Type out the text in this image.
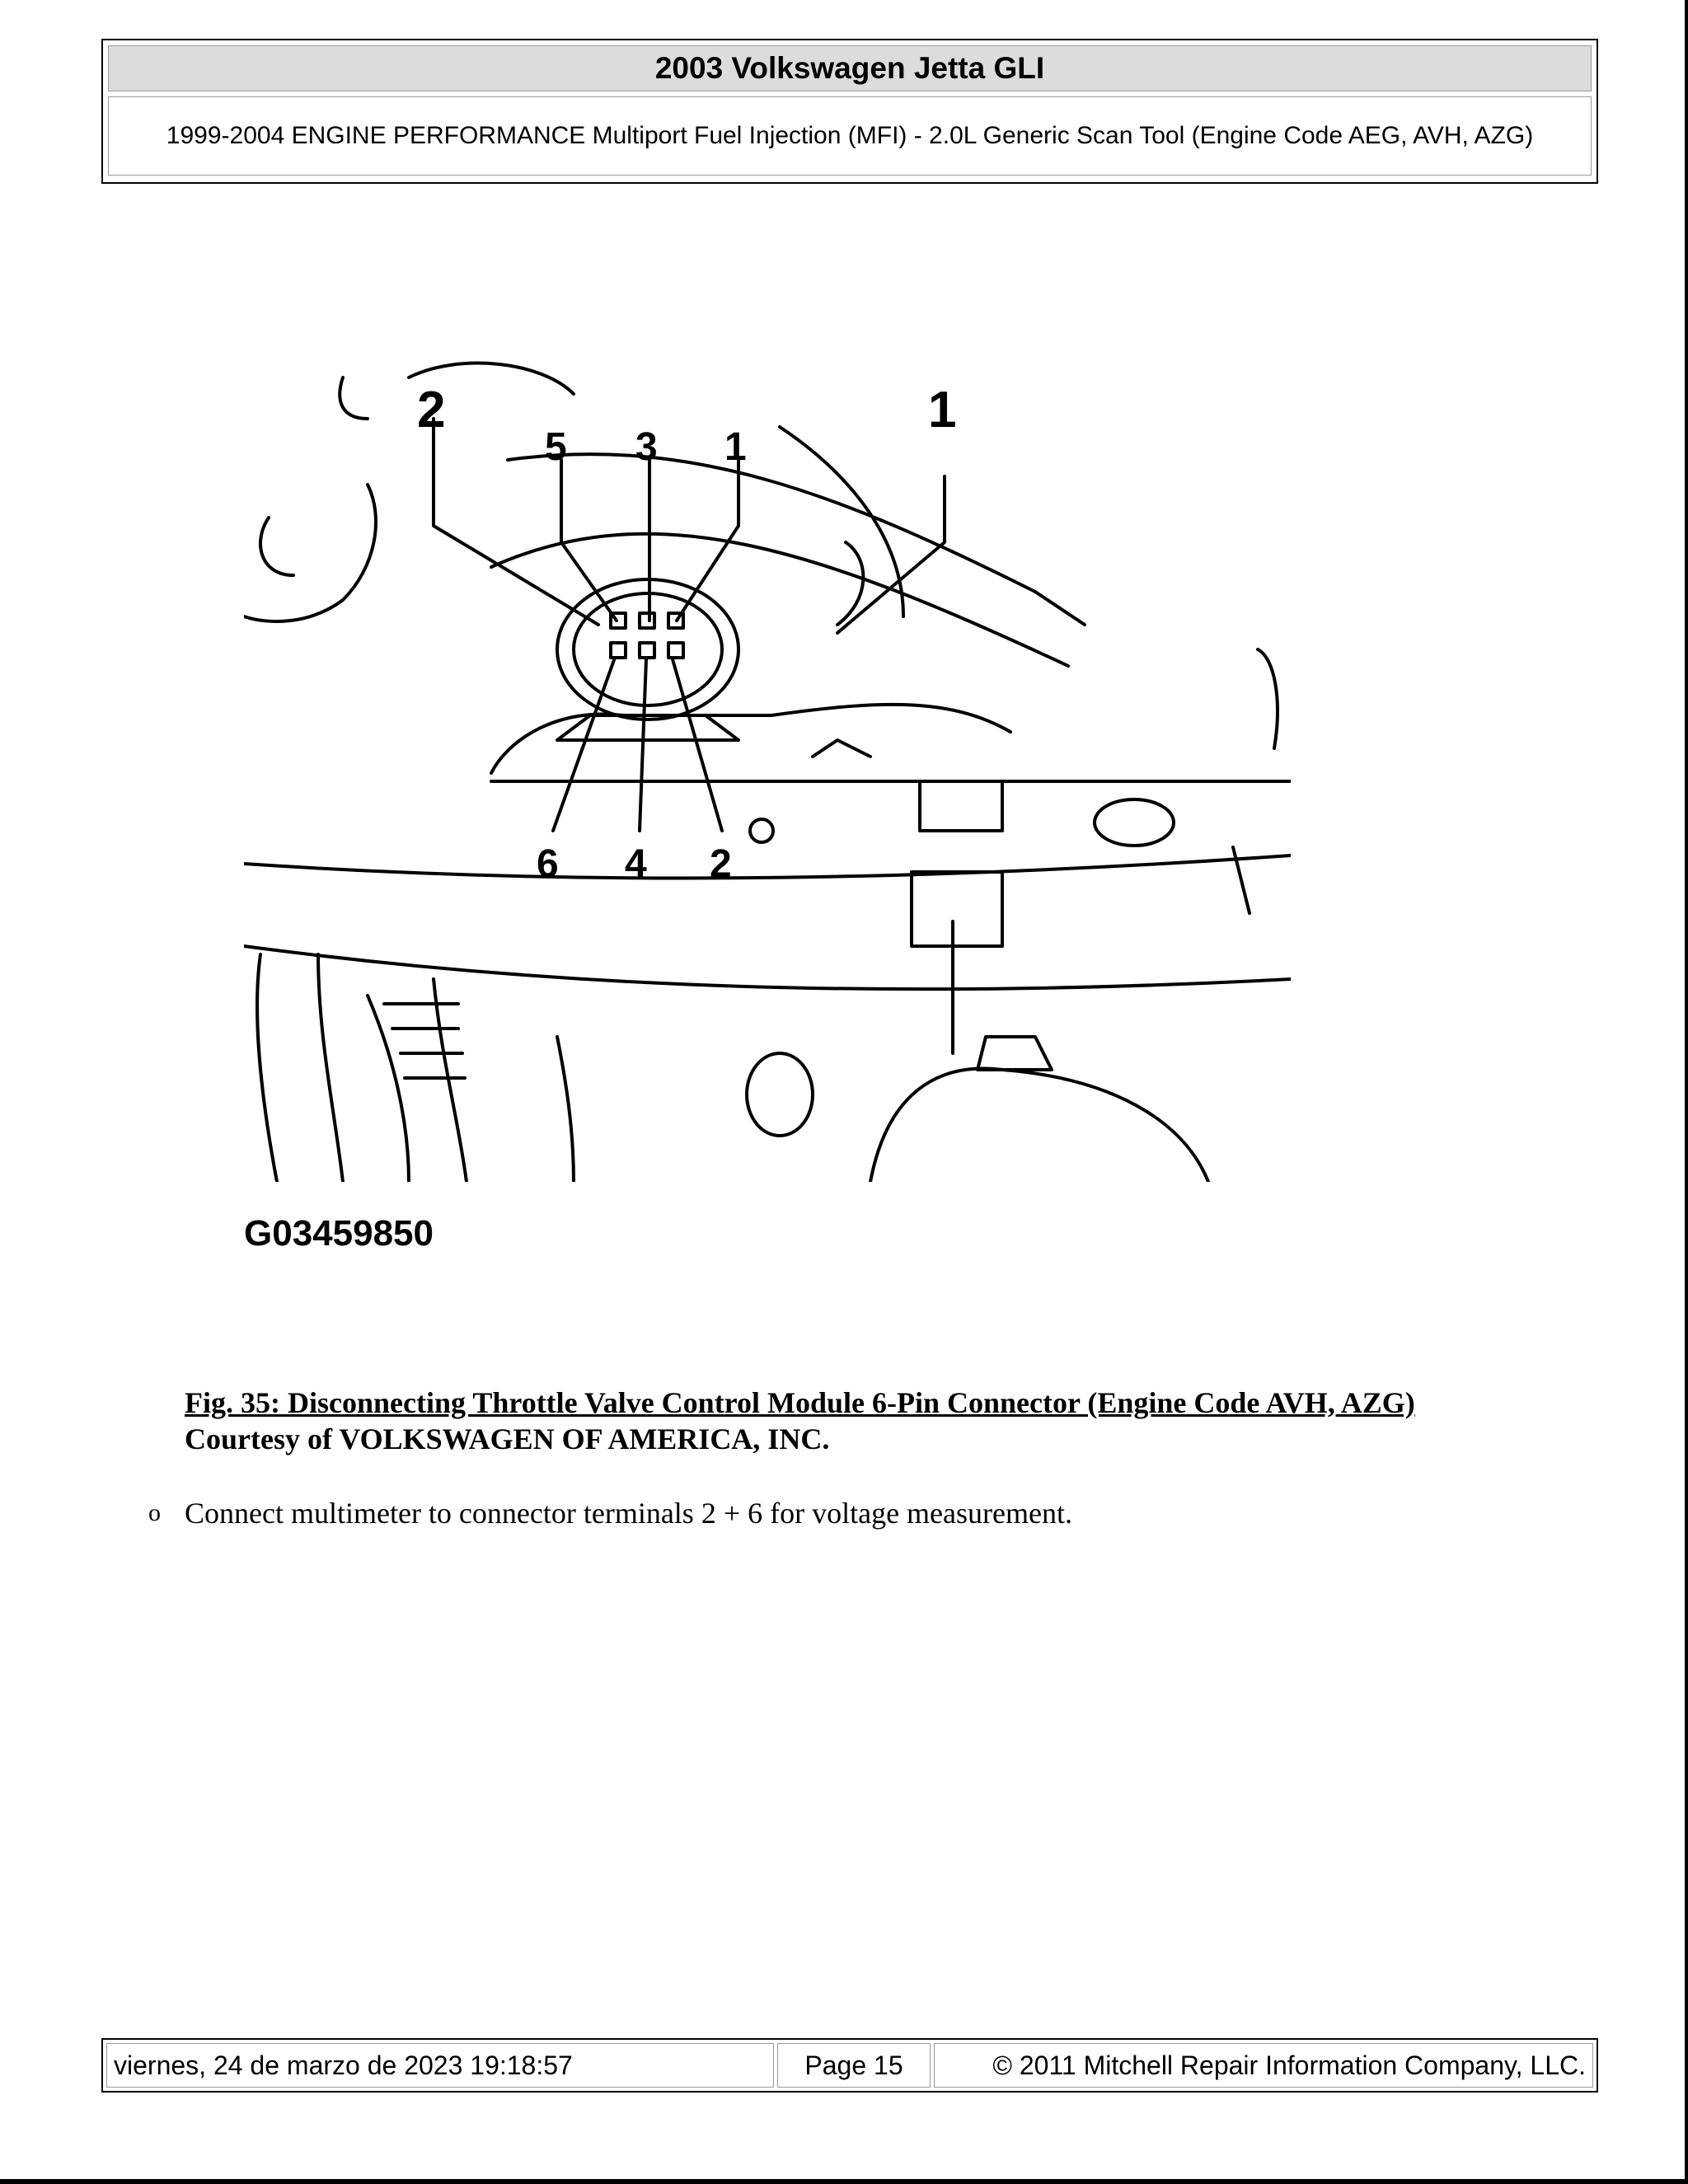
2003 Volkswagen Jetta GLI
1999-2004 ENGINE PERFORMANCE Multiport Fuel Injection (MFI) - 2.0L Generic Scan Tool (Engine Code AEG, AVH, AZG)
2
5 3 1
1
6 4 2
G03459850
Fig. 35: Disconnecting Throttle Valve Control Module 6-Pin Connector (Engine Code AVH, AZG)
Courtesy of VOLKSWAGEN OF AMERICA, INC.
o Connect multimeter to connector terminals 2 + 6 for voltage measurement.
viernes, 24 de marzo de 2023 19:18:57	Page 15	© 2011 Mitchell Repair Information Company, LLC.
